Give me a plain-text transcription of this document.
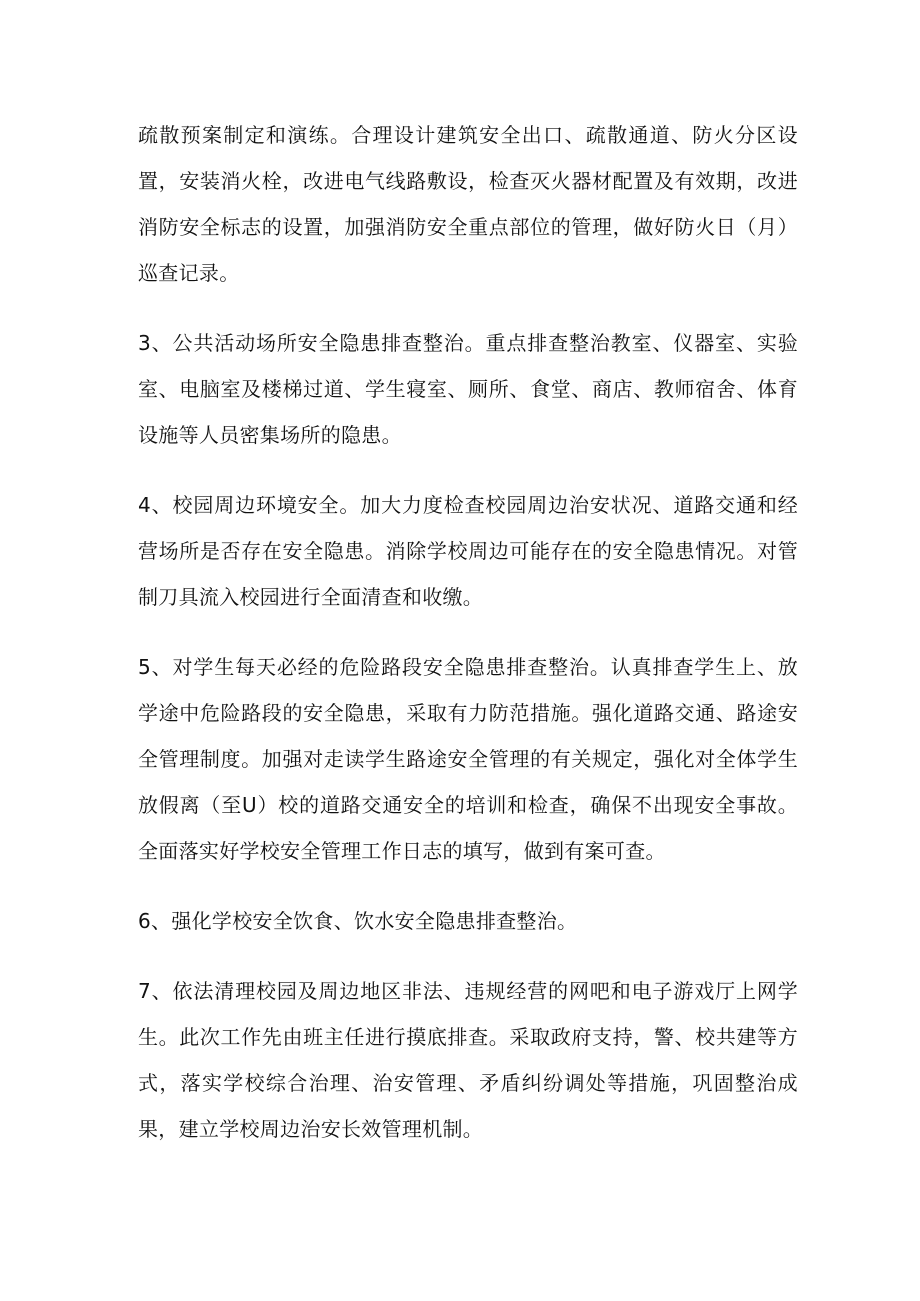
疏散预案制定和演练。合理设计建筑安全出口、疏散通道、防火分区设置，安装消火栓，改进电气线路敷设，检查灭火器材配置及有效期，改进消防安全标志的设置，加强消防安全重点部位的管理，做好防火日（月）巡查记录。

3、公共活动场所安全隐患排查整治。重点排查整治教室、仪器室、实验室、电脑室及楼梯过道、学生寝室、厕所、食堂、商店、教师宿舍、体育设施等人员密集场所的隐患。

4、校园周边环境安全。加大力度检查校园周边治安状况、道路交通和经营场所是否存在安全隐患。消除学校周边可能存在的安全隐患情况。对管制刀具流入校园进行全面清查和收缴。

5、对学生每天必经的危险路段安全隐患排查整治。认真排查学生上、放学途中危险路段的安全隐患，采取有力防范措施。强化道路交通、路途安全管理制度。加强对走读学生路途安全管理的有关规定，强化对全体学生放假离（至U）校的道路交通安全的培训和检查，确保不出现安全事故。全面落实好学校安全管理工作日志的填写，做到有案可查。

6、强化学校安全饮食、饮水安全隐患排查整治。

7、依法清理校园及周边地区非法、违规经营的网吧和电子游戏厅上网学生。此次工作先由班主任进行摸底排查。采取政府支持，警、校共建等方式，落实学校综合治理、治安管理、矛盾纠纷调处等措施，巩固整治成果，建立学校周边治安长效管理机制。
